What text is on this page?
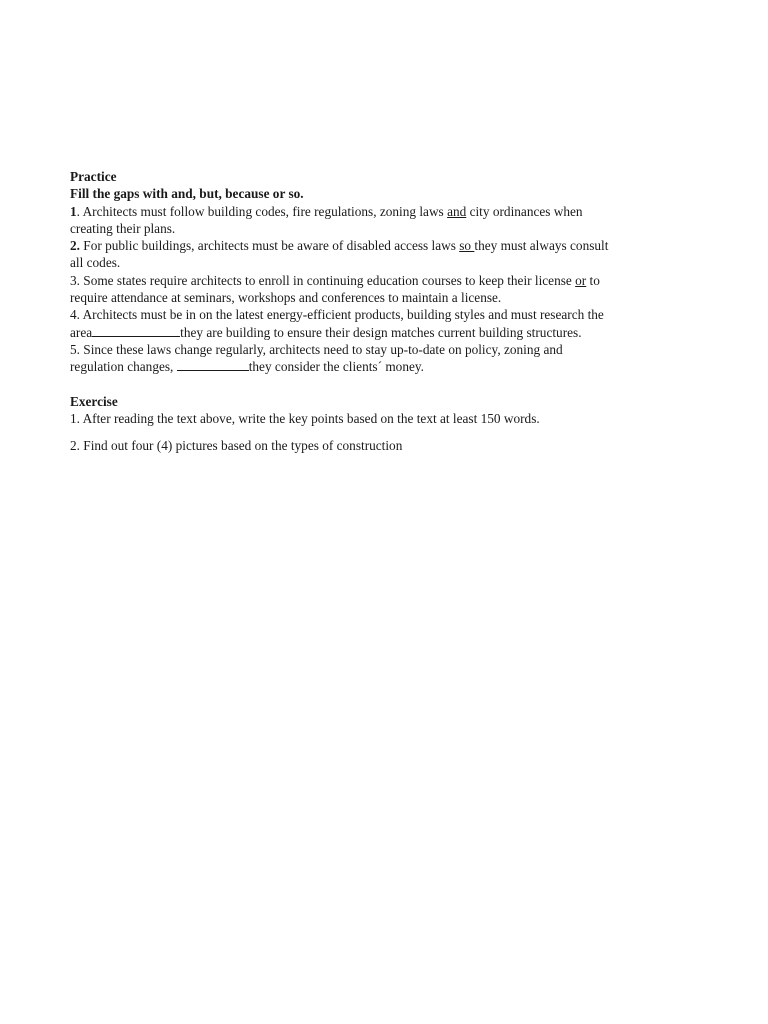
Practice
Fill the gaps with and, but, because or so.
1. Architects must follow building codes, fire regulations, zoning laws and city ordinances when
creating their plans.
2. For public buildings, architects must be aware of disabled access laws so they must always consult
all codes.
3. Some states require architects to enroll in continuing education courses to keep their license or to
require attendance at seminars, workshops and conferences to maintain a license.
4. Architects must be in on the latest energy-efficient products, building styles and must research the
area	they are building to ensure their design matches current building structures.
5. Since these laws change regularly, architects need to stay up-to-date on policy, zoning and
regulation changes,	they consider the clients´ money.
Exercise
1. After reading the text above, write the key points based on the text at least 150 words.
2. Find out four (4) pictures based on the types of construction
